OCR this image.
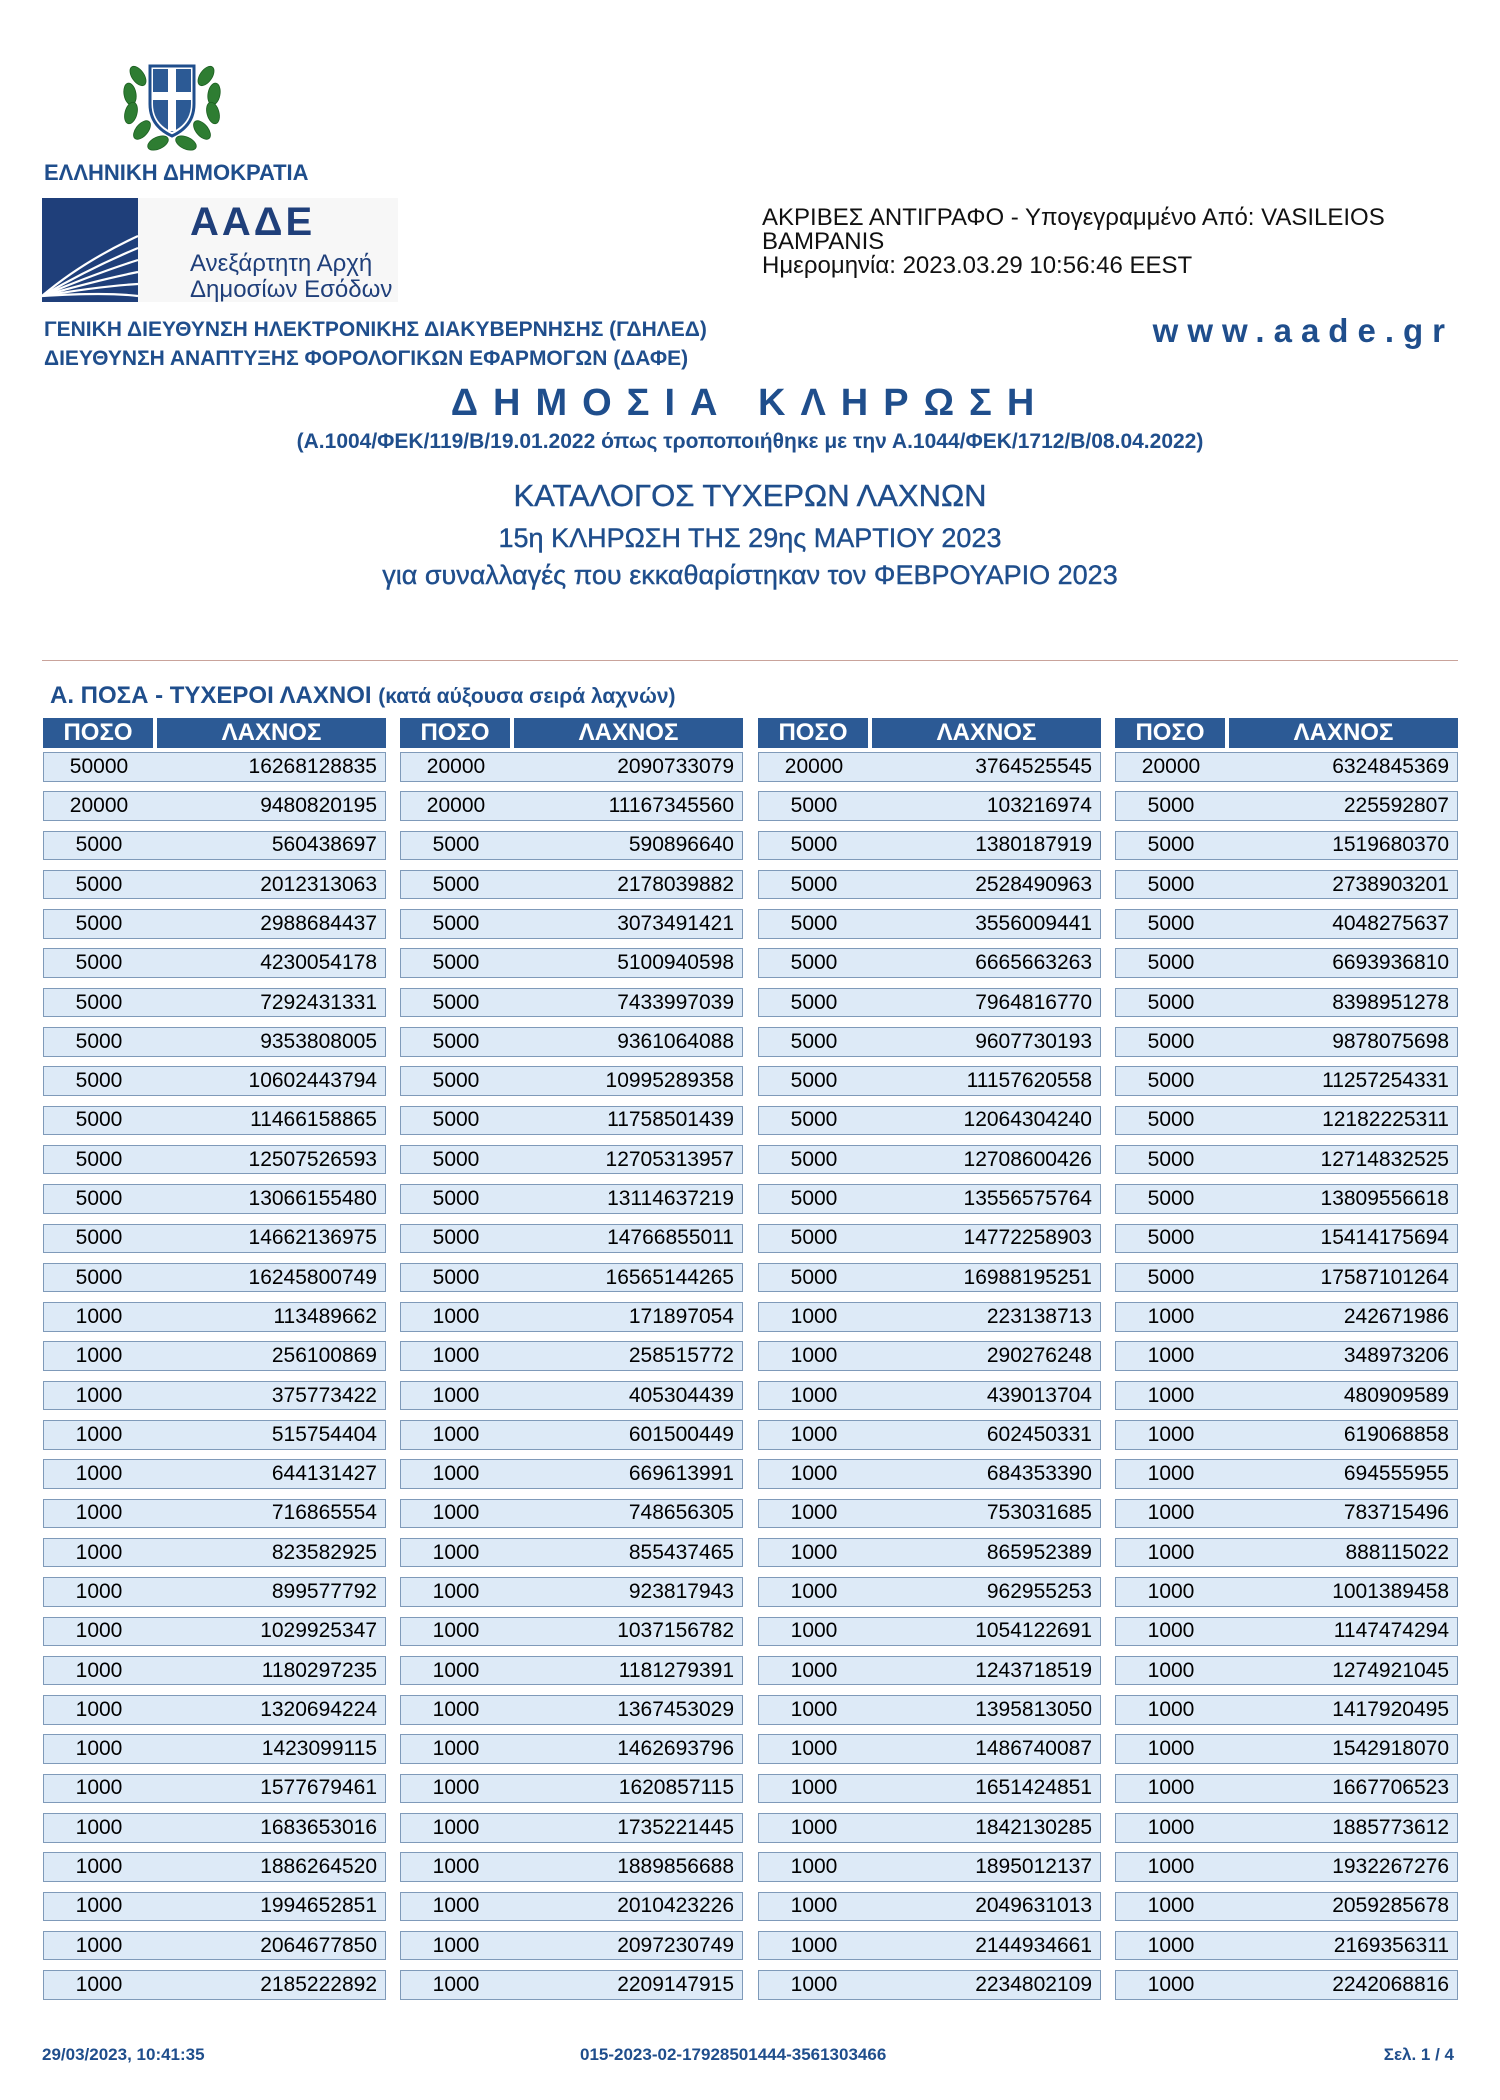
ΕΛΛΗΝΙΚΗ ΔΗΜΟΚΡΑΤΙΑ
ΑΑΔΕ
Ανεξάρτητη Αρχή
Δημοσίων Εσόδων
ΑΚΡΙΒΕΣ ΑΝΤΙΓΡΑΦΟ - Υπογεγραμμένο Από: VASILEIOS
BAMPANIS
Ημερομηνία: 2023.03.29 10:56:46 EEST
ΓΕΝΙΚΗ ΔΙΕΥΘΥΝΣΗ ΗΛΕΚΤΡΟΝΙΚΗΣ ΔΙΑΚΥΒΕΡΝΗΣΗΣ (ΓΔΗΛΕΔ)
ΔΙΕΥΘΥΝΣΗ ΑΝΑΠΤΥΞΗΣ ΦΟΡΟΛΟΓΙΚΩΝ ΕΦΑΡΜΟΓΩΝ (ΔΑΦΕ)
www.aade.gr
ΔΗΜΟΣΙΑ ΚΛΗΡΩΣΗ
(Α.1004/ΦΕΚ/119/Β/19.01.2022 όπως τροποποιήθηκε με την Α.1044/ΦΕΚ/1712/Β/08.04.2022)
ΚΑΤΑΛΟΓΟΣ ΤΥΧΕΡΩΝ ΛΑΧΝΩΝ
15η ΚΛΗΡΩΣΗ ΤΗΣ 29ης ΜΑΡΤΙΟΥ 2023
για συναλλαγές που εκκαθαρίστηκαν τον ΦΕΒΡΟΥΑΡΙΟ 2023
Α. ΠΟΣΑ - ΤΥΧΕΡΟΙ ΛΑΧΝΟΙ (κατά αύξουσα σειρά λαχνών)
ΠΟΣΟ	ΛΑΧΝΟΣ
50000	16268128835
20000	9480820195
5000	560438697
5000	2012313063
5000	2988684437
5000	4230054178
5000	7292431331
5000	9353808005
5000	10602443794
5000	11466158865
5000	12507526593
5000	13066155480
5000	14662136975
5000	16245800749
1000	113489662
1000	256100869
1000	375773422
1000	515754404
1000	644131427
1000	716865554
1000	823582925
1000	899577792
1000	1029925347
1000	1180297235
1000	1320694224
1000	1423099115
1000	1577679461
1000	1683653016
1000	1886264520
1000	1994652851
1000	2064677850
1000	2185222892
ΠΟΣΟ	ΛΑΧΝΟΣ
20000	2090733079
20000	11167345560
5000	590896640
5000	2178039882
5000	3073491421
5000	5100940598
5000	7433997039
5000	9361064088
5000	10995289358
5000	11758501439
5000	12705313957
5000	13114637219
5000	14766855011
5000	16565144265
1000	171897054
1000	258515772
1000	405304439
1000	601500449
1000	669613991
1000	748656305
1000	855437465
1000	923817943
1000	1037156782
1000	1181279391
1000	1367453029
1000	1462693796
1000	1620857115
1000	1735221445
1000	1889856688
1000	2010423226
1000	2097230749
1000	2209147915
ΠΟΣΟ	ΛΑΧΝΟΣ
20000	3764525545
5000	103216974
5000	1380187919
5000	2528490963
5000	3556009441
5000	6665663263
5000	7964816770
5000	9607730193
5000	11157620558
5000	12064304240
5000	12708600426
5000	13556575764
5000	14772258903
5000	16988195251
1000	223138713
1000	290276248
1000	439013704
1000	602450331
1000	684353390
1000	753031685
1000	865952389
1000	962955253
1000	1054122691
1000	1243718519
1000	1395813050
1000	1486740087
1000	1651424851
1000	1842130285
1000	1895012137
1000	2049631013
1000	2144934661
1000	2234802109
ΠΟΣΟ	ΛΑΧΝΟΣ
20000	6324845369
5000	225592807
5000	1519680370
5000	2738903201
5000	4048275637
5000	6693936810
5000	8398951278
5000	9878075698
5000	11257254331
5000	12182225311
5000	12714832525
5000	13809556618
5000	15414175694
5000	17587101264
1000	242671986
1000	348973206
1000	480909589
1000	619068858
1000	694555955
1000	783715496
1000	888115022
1000	1001389458
1000	1147474294
1000	1274921045
1000	1417920495
1000	1542918070
1000	1667706523
1000	1885773612
1000	1932267276
1000	2059285678
1000	2169356311
1000	2242068816
29/03/2023, 10:41:35	015-2023-02-17928501444-3561303466	Σελ. 1 / 4
